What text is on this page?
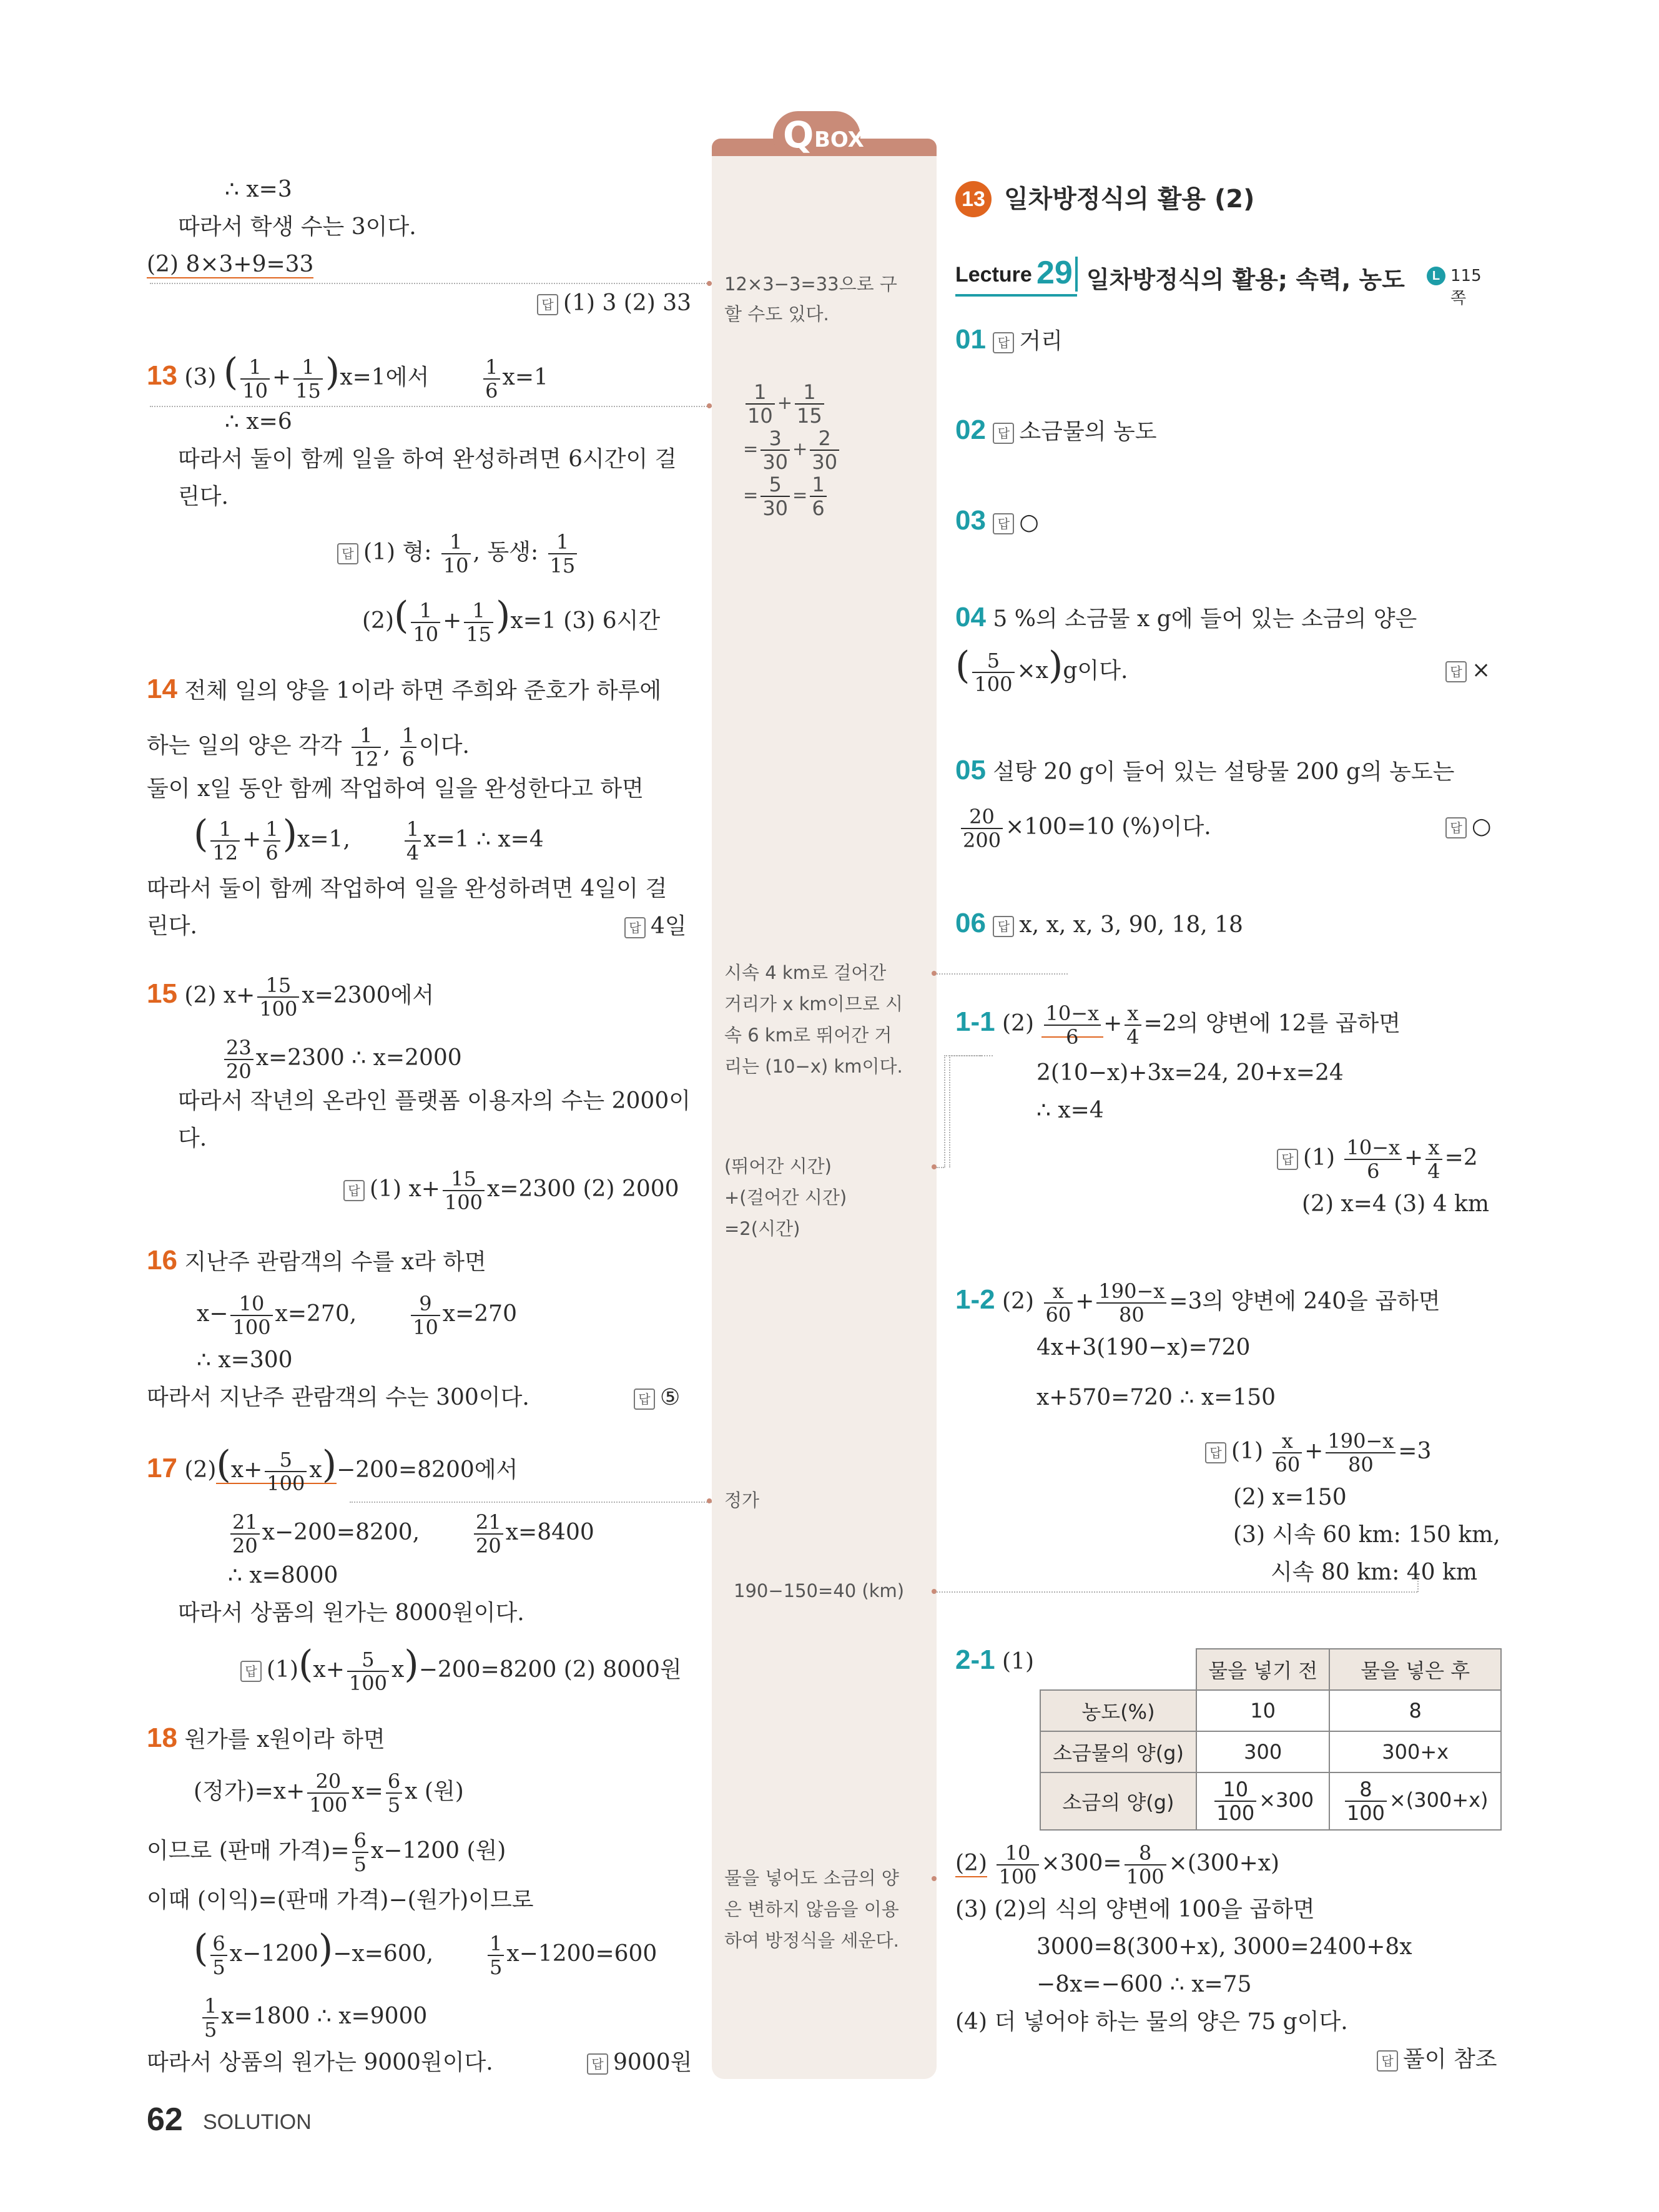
Q BOX
∴ x=3
따라서 학생 수는 3이다.
(2) 8×3+9=33
답 (1) 3 (2) 33
13 (3) ( $\frac{1}{10} + \frac{1}{15} )x=1$에서	$\frac{1}{6} x=1$
∴ x=6
따라서 둘이 함께 일을 하여 완성하려면 6시간이 걸
린다.
답 (1) 형: $\frac{1}{10}$ , 동생: $\frac{1}{15}$
$(2)( \frac{1}{10} + \frac{1}{15} )x=1$ (3) 6시간
14 전체 일의 양을 1이라 하면 주희와 준호가 하루에
하는 일의 양은 각각 $\frac{1}{12}$ , $\frac{1}{6}$ 이다.
둘이 x일 동안 함께 작업하여 일을 완성한다고 하면
( $\frac{1}{12} + \frac{1}{6} )x=1$,	$\frac{1}{4} x=1$ ∴ x=4
따라서 둘이 함께 작업하여 일을 완성하려면 4일이 걸
린다.	답 4일
15 (2) $x+ \frac{15}{100} x=2300$에서
$\frac{23}{20} x=2300$ ∴ x=2000
따라서 작년의 온라인 플랫폼 이용자의 수는 2000이
다.
답 (1) $x+ \frac{15}{100} x=2300$ (2) 2000
16 지난주 관람객의 수를 x라 하면
$x- \frac{10}{100} x=270$,	$\frac{9}{10} x=270$
∴ x=300
따라서 지난주 관람객의 수는 300이다.	답 ⑤
17 $(2)(x+ \frac{5}{100} x)-200=8200$에서
$\frac{21}{20} x-200=8200$,	$\frac{21}{20} x=8400$
∴ x=8000
따라서 상품의 원가는 8000원이다.
답 $(1)(x+ \frac{5}{100} x)-200=8200$ (2) 8000원
18 원가를 x원이라 하면
(정가)$=x+ \frac{20}{100} x= \frac{6}{5}$ x (원)
이므로 (판매 가격)= $\frac{6}{5} x-1200$ (원)
이때 (이익)=(판매 가격)−(원가)이므로
( $\frac{6}{5} x-1200)-x=600$,	$\frac{1}{5} x-1200=600$
$\frac{1}{5} x=1800$ ∴ x=9000
따라서 상품의 원가는 9000원이다.	답 9000원
62 SOLUTION
12×3−3=33으로 구
할 수도 있다.
$\frac{1}{10} + \frac{1}{15}$
= $\frac{3}{30} + \frac{2}{30}$
= $\frac{5}{30} = \frac{1}{6}$
시속 4 km로 걸어간
거리가 x km이므로 시
속 6 km로 뛰어간 거
리는 (10−x) km이다.
(뛰어간 시간)
+(걸어간 시간)
=2(시간)
정가
190−150=40 (km)
물을 넣어도 소금의 양
은 변하지 않음을 이용
하여 방정식을 세운다.
13 일차방정식의 활용 (2)
Lecture 29 일차방정식의 활용; 속력, 농도	L 115쪽
01 답 거리
02 답 소금물의 농도
03 답 ○
04 5 %의 소금물 x g에 들어 있는 소금의 양은
( $\frac{5}{100} \times x)g$이다.	답 ×
05 설탕 20 g이 들어 있는 설탕물 200 g의 농도는
$\frac{20}{200} \times 100=10$ (%)이다.	답 ○
06 답 x, x, x, 3, 90, 18, 18
1-1 $(2) \frac{10-x}{6} + \frac{x}{4} =2$의 양변에 12를 곱하면
2(10−x)+3x=24, 20+x=24
∴ x=4
답 $(1) \frac{10-x}{6} + \frac{x}{4} =2$
(2) x=4 (3) 4 km
1-2 $(2) \frac{x}{60} + \frac{190-x}{80} =3$의 양변에 240을 곱하면
4x+3(190−x)=720
x+570=720 ∴ x=150
답 $(1) \frac{x}{60} + \frac{190-x}{80} =3$
(2) x=150
(3) 시속 60 km: 150 km,
시속 80 km: 40 km
2-1 (1)
		물을 넣기 전	물을 넣은 후
농도(%)	10	8
소금물의 양(g)	300	300+x
소금의 양(g)	$\frac{10}{100} \times 300$	$\frac{8}{100} \times(300+x)$
$(2) \frac{10}{100} \times 300= \frac{8}{100} \times(300+x)$
(3) (2)의 식의 양변에 100을 곱하면
3000=8(300+x), 3000=2400+8x
−8x=−600 ∴ x=75
(4) 더 넣어야 하는 물의 양은 75 g이다.
답 풀이 참조
